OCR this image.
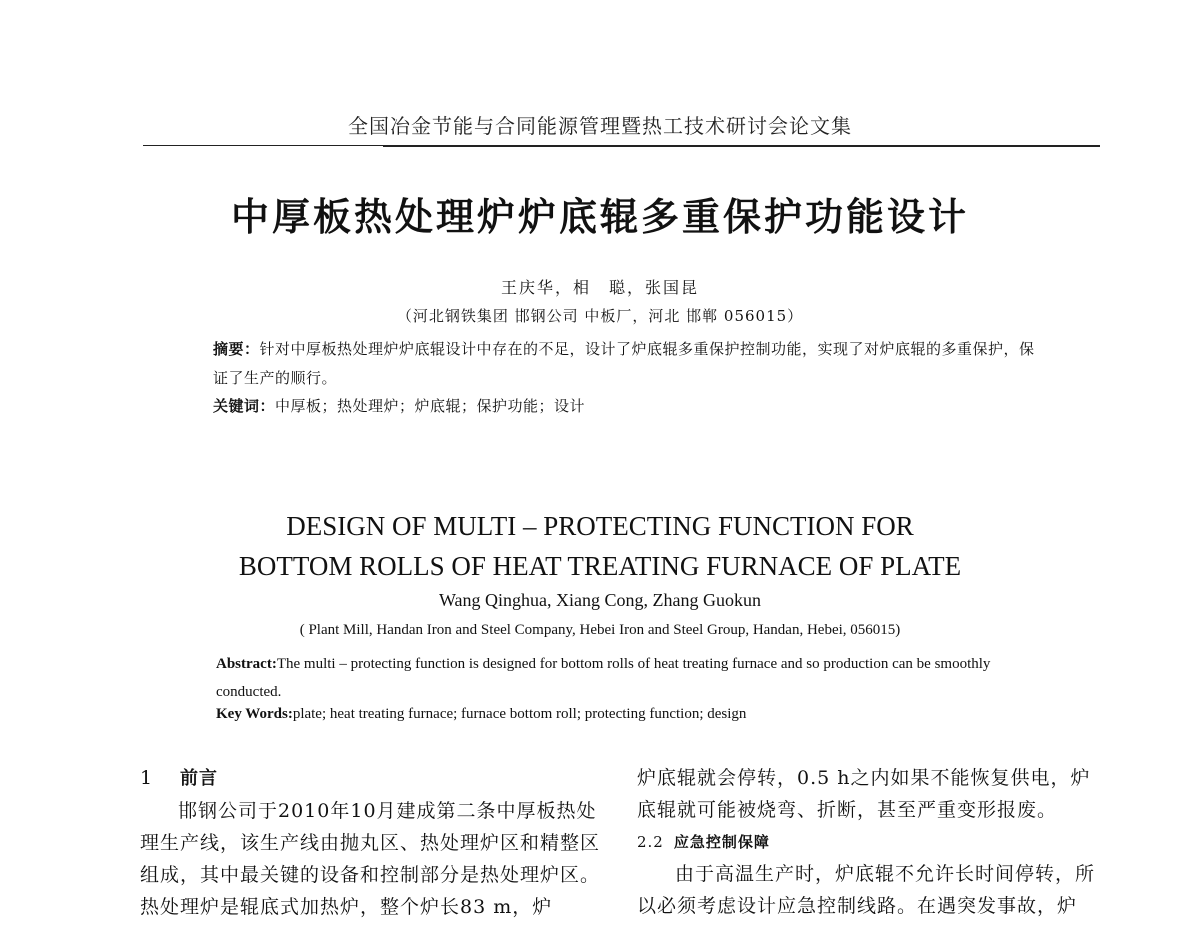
全国冶金节能与合同能源管理暨热工技术研讨会论文集
中厚板热处理炉炉底辊多重保护功能设计
王庆华，相　聪，张国昆
（河北钢铁集团 邯钢公司 中板厂，河北 邯郸 056015）
摘要：针对中厚板热处理炉炉底辊设计中存在的不足，设计了炉底辊多重保护控制功能，实现了对炉底辊的多重保护，保证了生产的顺行。
关键词：中厚板；热处理炉；炉底辊；保护功能；设计
DESIGN OF MULTI – PROTECTING FUNCTION FOR
BOTTOM ROLLS OF HEAT TREATING FURNACE OF PLATE
Wang Qinghua, Xiang Cong, Zhang Guokun
( Plant Mill, Handan Iron and Steel Company, Hebei Iron and Steel Group, Handan, Hebei, 056015)
Abstract:The multi – protecting function is designed for bottom rolls of heat treating furnace and so production can be smoothly conducted.
Key Words:plate; heat treating furnace; furnace bottom roll; protecting function; design
1	前言

邯钢公司于2010年10月建成第二条中厚板热处理生产线，该生产线由抛丸区、热处理炉区和精整区组成，其中最关键的设备和控制部分是热处理炉区。热处理炉是辊底式加热炉，整个炉长83 m，炉

炉底辊就会停转，0.5 h之内如果不能恢复供电，炉底辊就可能被烧弯、折断，甚至严重变形报废。

2.2 应急控制保障

由于高温生产时，炉底辊不允许长时间停转，所以必须考虑设计应急控制线路。在遇突发事故，炉
